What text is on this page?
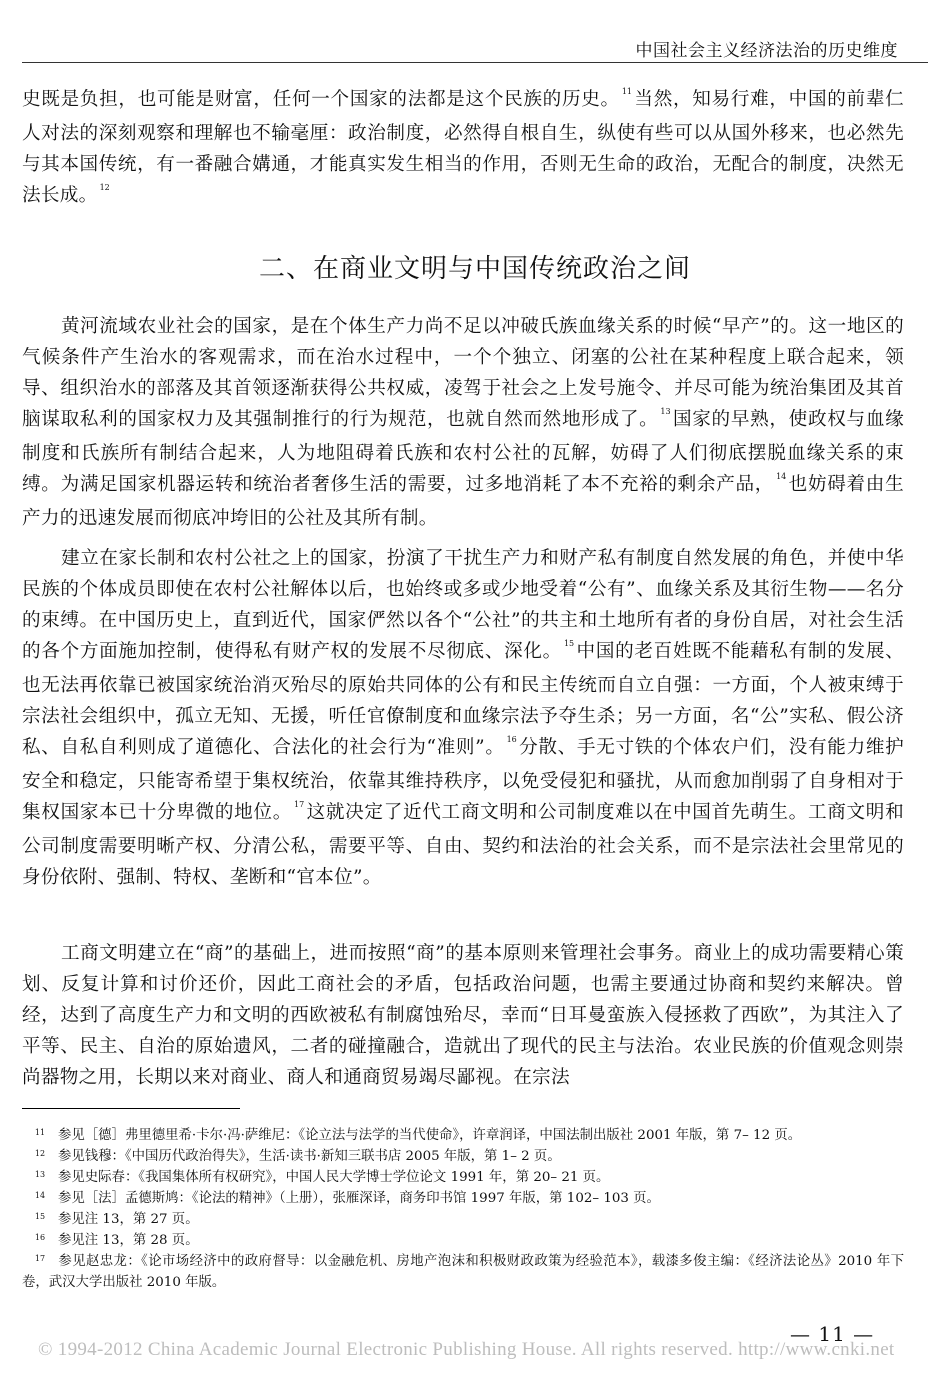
中国社会主义经济法治的历史维度

史既是负担，也可能是财富，任何一个国家的法都是这个民族的历史。 $^{11}$ 当然，知易行难，中国的前辈仁人对法的深刻观察和理解也不输毫厘：政治制度，必然得自根自生，纵使有些可以从国外移来，也必然先与其本国传统，有一番融合媾通，才能真实发生相当的作用，否则无生命的政治，无配合的制度，决然无法长成。 $^{12}$

二、在商业文明与中国传统政治之间

黄河流域农业社会的国家，是在个体生产力尚不足以冲破氏族血缘关系的时候“早产”的。这一地区的气候条件产生治水的客观需求，而在治水过程中，一个个独立、闭塞的公社在某种程度上联合起来，领导、组织治水的部落及其首领逐渐获得公共权威，凌驾于社会之上发号施令、并尽可能为统治集团及其首脑谋取私利的国家权力及其强制推行的行为规范，也就自然而然地形成了。 $^{13}$ 国家的早熟，使政权与血缘制度和氏族所有制结合起来，人为地阻碍着氏族和农村公社的瓦解，妨碍了人们彻底摆脱血缘关系的束缚。为满足国家机器运转和统治者奢侈生活的需要，过多地消耗了本不充裕的剩余产品， $^{14}$ 也妨碍着由生产力的迅速发展而彻底冲垮旧的公社及其所有制。

建立在家长制和农村公社之上的国家，扮演了干扰生产力和财产私有制度自然发展的角色，并使中华民族的个体成员即使在农村公社解体以后，也始终或多或少地受着“公有”、血缘关系及其衍生物——名分的束缚。在中国历史上，直到近代，国家俨然以各个“公社”的共主和土地所有者的身份自居，对社会生活的各个方面施加控制，使得私有财产权的发展不尽彻底、深化。 $^{15}$ 中国的老百姓既不能藉私有制的发展、也无法再依靠已被国家统治消灭殆尽的原始共同体的公有和民主传统而自立自强：一方面，个人被束缚于宗法社会组织中，孤立无知、无援，听任官僚制度和血缘宗法予夺生杀；另一方面，名“公”实私、假公济私、自私自利则成了道德化、合法化的社会行为“准则”。 $^{16}$ 分散、手无寸铁的个体农户们，没有能力维护安全和稳定，只能寄希望于集权统治，依靠其维持秩序，以免受侵犯和骚扰，从而愈加削弱了自身相对于集权国家本已十分卑微的地位。 $^{17}$ 这就决定了近代工商文明和公司制度难以在中国首先萌生。工商文明和公司制度需要明晰产权、分清公私，需要平等、自由、契约和法治的社会关系，而不是宗法社会里常见的身份依附、强制、特权、垄断和“官本位”。

工商文明建立在“商”的基础上，进而按照“商”的基本原则来管理社会事务。商业上的成功需要精心策划、反复计算和讨价还价，因此工商社会的矛盾，包括政治问题，也需主要通过协商和契约来解决。曾经，达到了高度生产力和文明的西欧被私有制腐蚀殆尽，幸而“日耳曼蛮族入侵拯救了西欧”，为其注入了平等、民主、自治的原始遗风，二者的碰撞融合，造就出了现代的民主与法治。农业民族的价值观念则崇尚器物之用，长期以来对商业、商人和通商贸易竭尽鄙视。在宗法

11 参见［德］弗里德里希·卡尔·冯·萨维尼：《论立法与法学的当代使命》，许章润译，中国法制出版社 2001 年版，第 7– 12 页。

12 参见钱穆：《中国历代政治得失》，生活·读书·新知三联书店 2005 年版，第 1– 2 页。

13 参见史际春：《我国集体所有权研究》，中国人民大学博士学位论文 1991 年，第 20– 21 页。

14 参见［法］孟德斯鸠：《论法的精神》（上册），张雁深译，商务印书馆 1997 年版，第 102– 103 页。

15 参见注 13，第 27 页。

16 参见注 13，第 28 页。

17 参见赵忠龙：《论市场经济中的政府督导：以金融危机、房地产泡沫和积极财政政策为经验范本》，载漆多俊主编：《经济法论丛》2010 年下卷，武汉大学出版社 2010 年版。

— 11 —
© 1994-2012 China Academic Journal Electronic Publishing House. All rights reserved. http://www.cnki.net
